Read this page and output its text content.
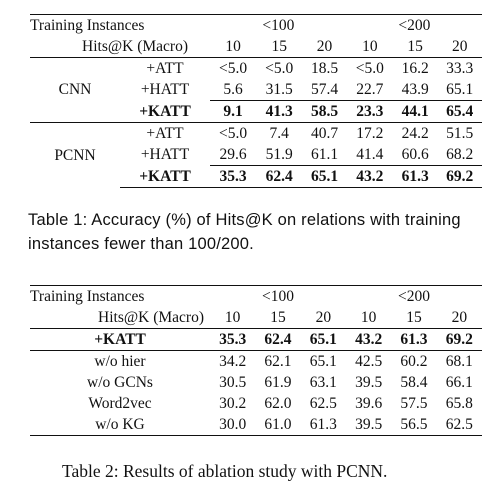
Training Instances		<100			<200		
Hits@K (Macro)		10	15	20	10	15	20
CNN	+ATT	<5.0	<5.0	18.5	<5.0	16.2	33.3
	+HATT	5.6	31.5	57.4	22.7	43.9	65.1
	+KATT	9.1	41.3	58.5	23.3	44.1	65.4
PCNN	+ATT	<5.0	7.4	40.7	17.2	24.2	51.5
	+HATT	29.6	51.9	61.1	41.4	60.6	68.2
	+KATT	35.3	62.4	65.1	43.2	61.3	69.2
Table 1: Accuracy (%) of Hits@K on relations with training instances fewer than 100/200.
Training Instances	<100			<200		
Hits@K (Macro)	10	15	20	10	15	20
+KATT	35.3	62.4	65.1	43.2	61.3	69.2
w/o hier	34.2	62.1	65.1	42.5	60.2	68.1
w/o GCNs	30.5	61.9	63.1	39.5	58.4	66.1
Word2vec	30.2	62.0	62.5	39.6	57.5	65.8
w/o KG	30.0	61.0	61.3	39.5	56.5	62.5
Table 2: Results of ablation study with PCNN.
